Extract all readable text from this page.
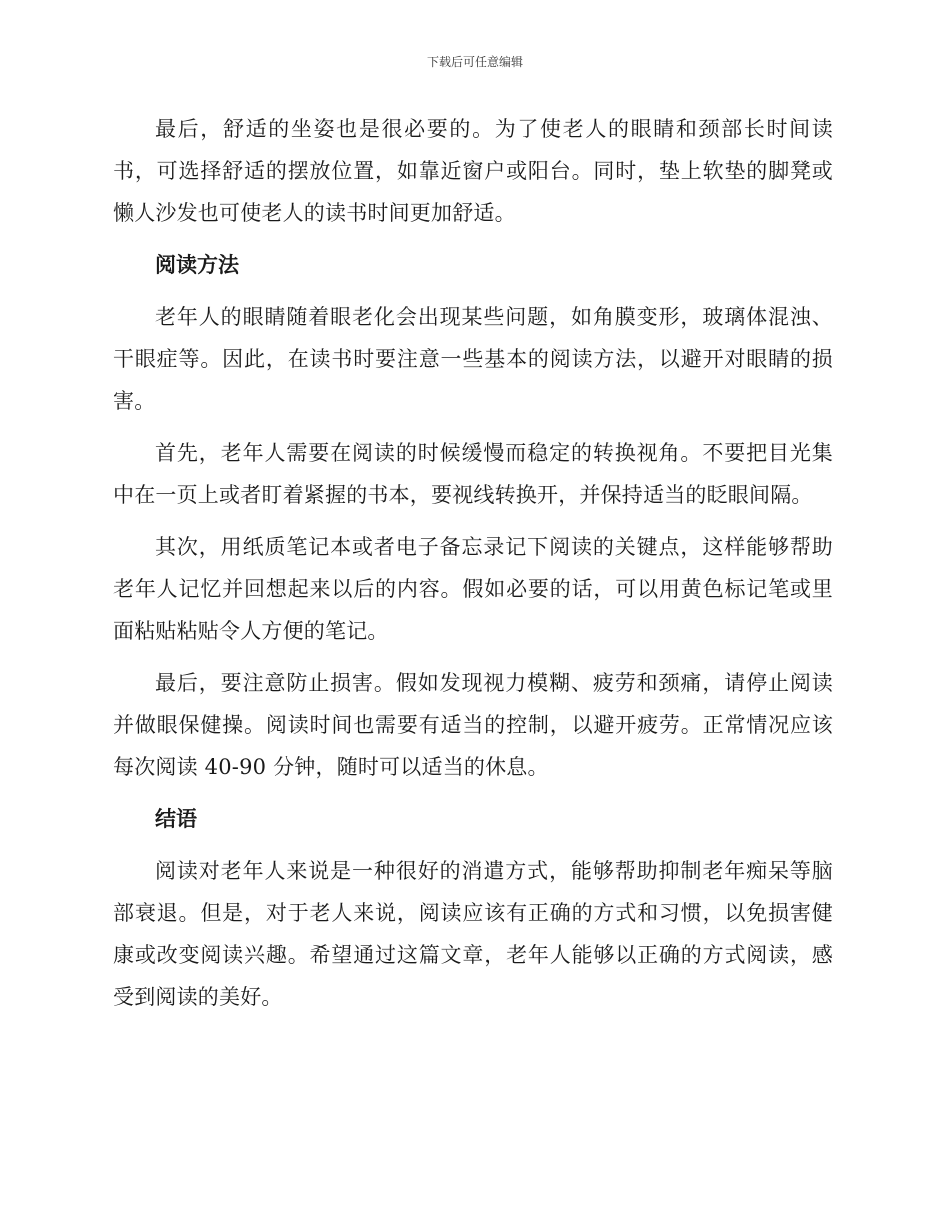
下载后可任意编辑

最后，舒适的坐姿也是很必要的。为了使老人的眼睛和颈部长时间读书，可选择舒适的摆放位置，如靠近窗户或阳台。同时，垫上软垫的脚凳或懒人沙发也可使老人的读书时间更加舒适。

阅读方法

老年人的眼睛随着眼老化会出现某些问题，如角膜变形，玻璃体混浊、干眼症等。因此，在读书时要注意一些基本的阅读方法，以避开对眼睛的损害。

首先，老年人需要在阅读的时候缓慢而稳定的转换视角。不要把目光集中在一页上或者盯着紧握的书本，要视线转换开，并保持适当的眨眼间隔。

其次，用纸质笔记本或者电子备忘录记下阅读的关键点，这样能够帮助老年人记忆并回想起来以后的内容。假如必要的话，可以用黄色标记笔或里面粘贴粘贴令人方便的笔记。

最后，要注意防止损害。假如发现视力模糊、疲劳和颈痛，请停止阅读并做眼保健操。阅读时间也需要有适当的控制，以避开疲劳。正常情况应该每次阅读 40-90 分钟，随时可以适当的休息。

结语

阅读对老年人来说是一种很好的消遣方式，能够帮助抑制老年痴呆等脑部衰退。但是，对于老人来说，阅读应该有正确的方式和习惯，以免损害健康或改变阅读兴趣。希望通过这篇文章，老年人能够以正确的方式阅读，感受到阅读的美好。
